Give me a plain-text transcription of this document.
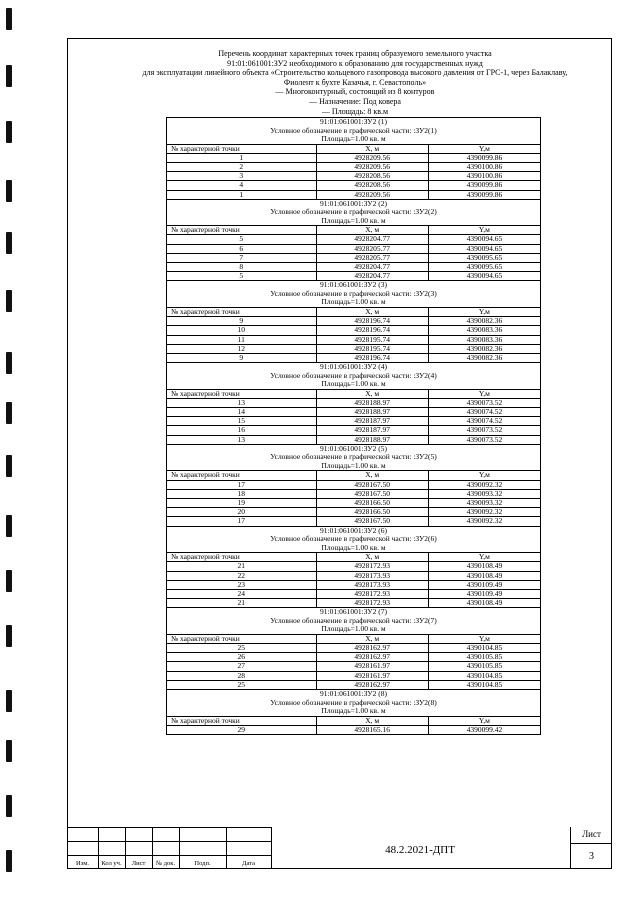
Перечень координат характерных точек границ образуемого земельного участка
91:01:061001:ЗУ2 необходимого к образованию для государственных нужд
для эксплуатации линейного объекта «Строительство кольцевого газопровода высокого давления от ГРС-1, через Балаклаву,
Фиолент к бухте Казачья, г. Севастополь»
— Многоконтурный, состоящий из 8 контуров
— Назначение: Под ковера
— Площадь: 8 кв.м
91:01:061001:ЗУ2 (1)
Условное обозначение в графической части: :ЗУ2(1)
Площадь=1.00 кв. м		

№ характерной точки	X, м	Y,м
1	4928209.56	4390099.86
2	4928209.56	4390100.86
3	4928208.56	4390100.86
4	4928208.56	4390099.86
1	4928209.56	4390099.86

91:01:061001:ЗУ2 (2)
Условное обозначение в графической части: :ЗУ2(2)
Площадь=1.00 кв. м		

№ характерной точки	X, м	Y,м
5	4928204.77	4390094.65
6	4928205.77	4390094.65
7	4928205.77	4390095.65
8	4928204.77	4390095.65
5	4928204.77	4390094.65

91:01:061001:ЗУ2 (3)
Условное обозначение в графической части: :ЗУ2(3)
Площадь=1.00 кв. м		

№ характерной точки	X, м	Y,м
9	4928196.74	4390082.36
10	4928196.74	4390083.36
11	4928195.74	4390083.36
12	4928195.74	4390082.36
9	4928196.74	4390082.36

91:01:061001:ЗУ2 (4)
Условное обозначение в графической части: :ЗУ2(4)
Площадь=1.00 кв. м		

№ характерной точки	X, м	Y,м
13	4928188.97	4390073.52
14	4928188.97	4390074.52
15	4928187.97	4390074.52
16	4928187.97	4390073.52
13	4928188.97	4390073.52

91:01:061001:ЗУ2 (5)
Условное обозначение в графической части: :ЗУ2(5)
Площадь=1.00 кв. м		

№ характерной точки	X, м	Y,м
17	4928167.50	4390092.32
18	4928167.50	4390093.32
19	4928166.50	4390093.32
20	4928166.50	4390092.32
17	4928167.50	4390092.32

91:01:061001:ЗУ2 (6)
Условное обозначение в графической части: :ЗУ2(6)
Площадь=1.00 кв. м		

№ характерной точки	X, м	Y,м
21	4928172.93	4390108.49
22	4928173.93	4390108.49
23	4928173.93	4390109.49
24	4928172.93	4390109.49
21	4928172.93	4390108.49

91:01:061001:ЗУ2 (7)
Условное обозначение в графической части: :ЗУ2(7)
Площадь=1.00 кв. м		

№ характерной точки	X, м	Y,м
25	4928162.97	4390104.85
26	4928162.97	4390105.85
27	4928161.97	4390105.85
28	4928161.97	4390104.85
25	4928162.97	4390104.85

91:01:061001:ЗУ2 (8)
Условное обозначение в графической части: :ЗУ2(8)
Площадь=1.00 кв. м		

№ характерной точки	X, м	Y,м
29	4928165.16	4390099.42
Изм.	Кол уч.	Лист	№ док.	Подп.	Дата
48.2.2021-ДПТ
Лист
3
